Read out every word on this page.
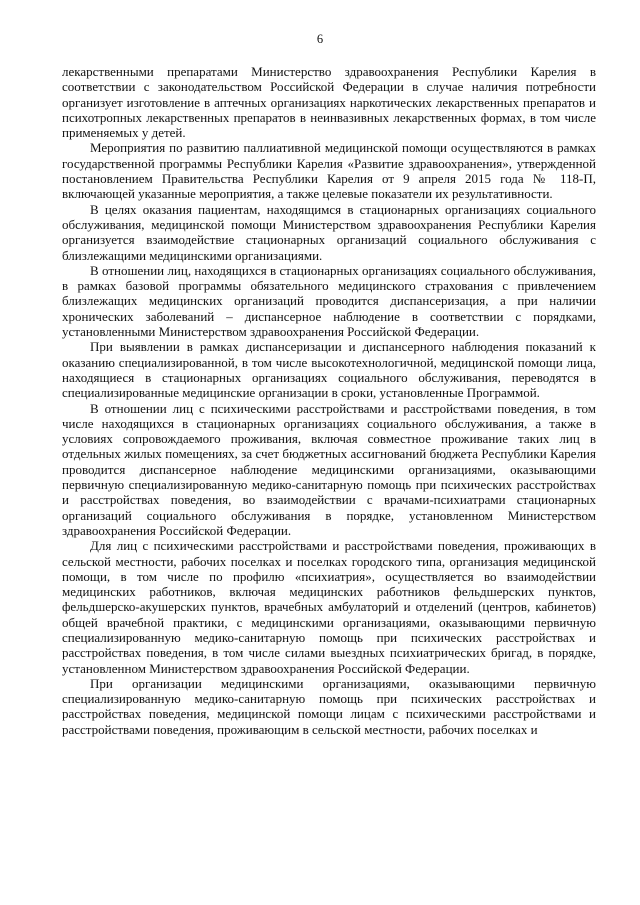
6

лекарственными препаратами Министерство здравоохранения Республики Карелия в соответствии с законодательством Российской Федерации в случае наличия потребности организует изготовление в аптечных организациях наркотических лекарственных препаратов и психотропных лекарственных препаратов в неинвазивных лекарственных формах, в том числе применяемых у детей.

Мероприятия по развитию паллиативной медицинской помощи осуществляются в рамках государственной программы Республики Карелия «Развитие здравоохранения», утвержденной постановлением Правительства Республики Карелия от 9 апреля 2015 года № 118-П, включающей указанные мероприятия, а также целевые показатели их результативности.

В целях оказания пациентам, находящимся в стационарных организациях социального обслуживания, медицинской помощи Министерством здравоохранения Республики Карелия организуется взаимодействие стационарных организаций социального обслуживания с близлежащими медицинскими организациями.

В отношении лиц, находящихся в стационарных организациях социального обслуживания, в рамках базовой программы обязательного медицинского страхования с привлечением близлежащих медицинских организаций проводится диспансеризация, а при наличии хронических заболеваний – диспансерное наблюдение в соответствии с порядками, установленными Министерством здравоохранения Российской Федерации.

При выявлении в рамках диспансеризации и диспансерного наблюдения показаний к оказанию специализированной, в том числе высокотехнологичной, медицинской помощи лица, находящиеся в стационарных организациях социального обслуживания, переводятся в специализированные медицинские организации в сроки, установленные Программой.

В отношении лиц с психическими расстройствами и расстройствами поведения, в том числе находящихся в стационарных организациях социального обслуживания, а также в условиях сопровождаемого проживания, включая совместное проживание таких лиц в отдельных жилых помещениях, за счет бюджетных ассигнований бюджета Республики Карелия проводится диспансерное наблюдение медицинскими организациями, оказывающими первичную специализированную медико-санитарную помощь при психических расстройствах и расстройствах поведения, во взаимодействии с врачами-психиатрами стационарных организаций социального обслуживания в порядке, установленном Министерством здравоохранения Российской Федерации.

Для лиц с психическими расстройствами и расстройствами поведения, проживающих в сельской местности, рабочих поселках и поселках городского типа, организация медицинской помощи, в том числе по профилю «психиатрия», осуществляется во взаимодействии медицинских работников, включая медицинских работников фельдшерских пунктов, фельдшерско-акушерских пунктов, врачебных амбулаторий и отделений (центров, кабинетов) общей врачебной практики, с медицинскими организациями, оказывающими первичную специализированную медико-санитарную помощь при психических расстройствах и расстройствах поведения, в том числе силами выездных психиатрических бригад, в порядке, установленном Министерством здравоохранения Российской Федерации.

При организации медицинскими организациями, оказывающими первичную специализированную медико-санитарную помощь при психических расстройствах и расстройствах поведения, медицинской помощи лицам с психическими расстройствами и расстройствами поведения, проживающим в сельской местности, рабочих поселках и
